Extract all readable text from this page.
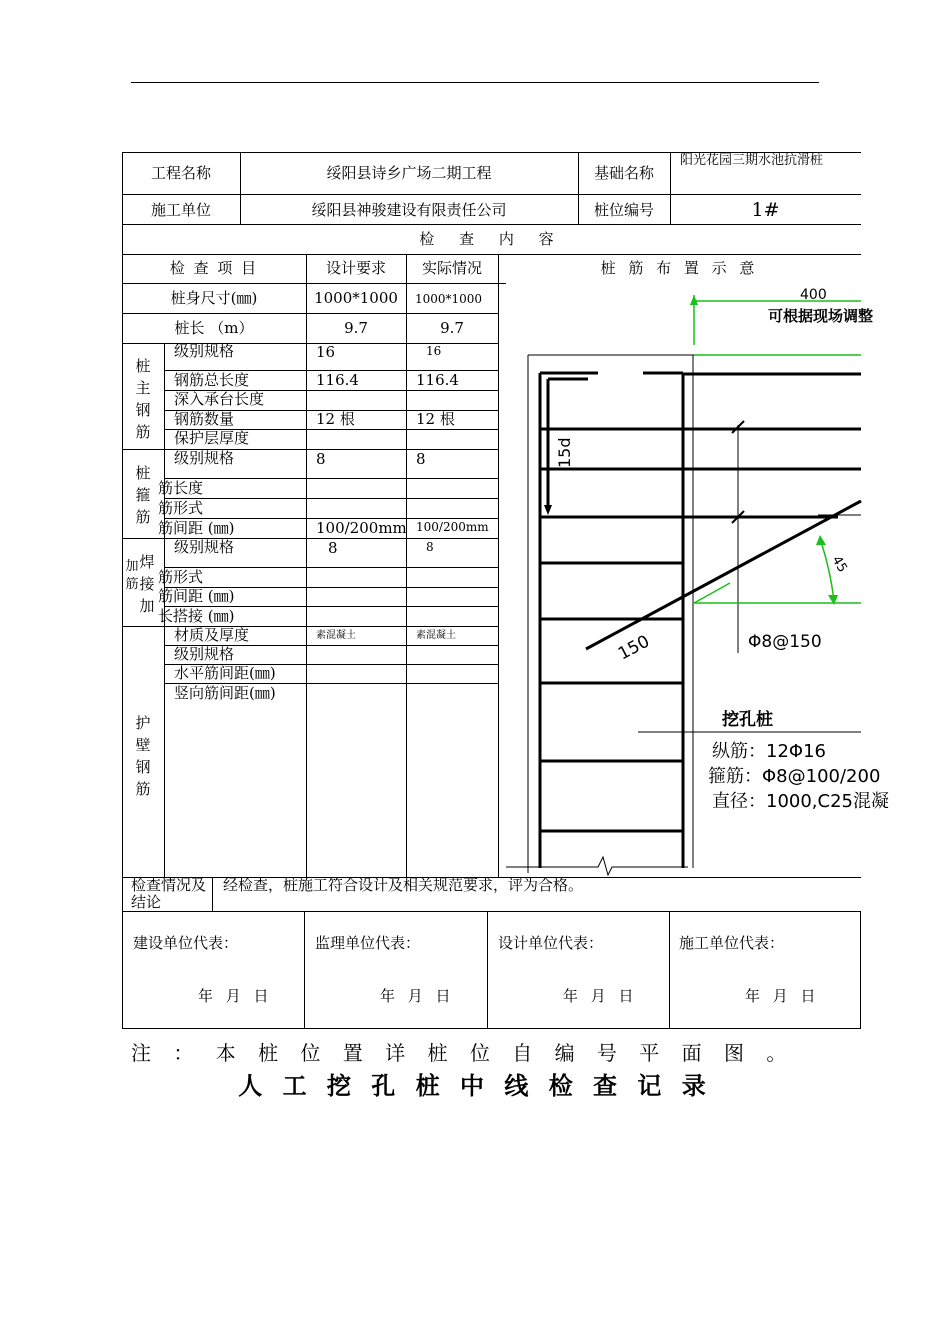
工程名称	绥阳县诗乡广场二期工程	基础名称
阳光花园三期水池抗滑桩
施工单位	绥阳县神骏建设有限责任公司	桩位编号	1#
检 查 内 容
检 查 项 目	设计要求	实际情况	桩 筋 布 置 示 意
桩身尺寸(㎜)	1000*1000	1000*1000
桩长 （m）	9.7	9.7
桩主钢筋
级别规格	16	16
钢筋总长度	116.4	116.4
深入承台长度
钢筋数量	12 根	12 根
保护层厚度
桩箍筋
级别规格	8	8
筋长度
筋形式
筋间距 (㎜)	100/200mm 100/200mm
焊接加
加筋
级别规格	8	8
筋形式
筋间距 (㎜)
长搭接 (㎜)
护壁钢筋
材质及厚度	素混凝土	素混凝土
级别规格
水平筋间距(㎜)
竖向筋间距(㎜)
检查情况及结论
经检查，桩施工符合设计及相关规范要求，评为合格。
建设单位代表：
年 月 日
监理单位代表：
年 月 日
设计单位代表：
年 月 日
施工单位代表：
年 月 日
400
可根据现场调整
15d
45
150	Φ8@150
挖孔桩
纵筋：12Φ16
箍筋：Φ8@100/200
直径：1000,C25混凝
注 ： 本 桩 位 置 详 桩 位 自 编 号 平 面 图 。
人 工 挖 孔 桩 中 线 检 查 记 录
